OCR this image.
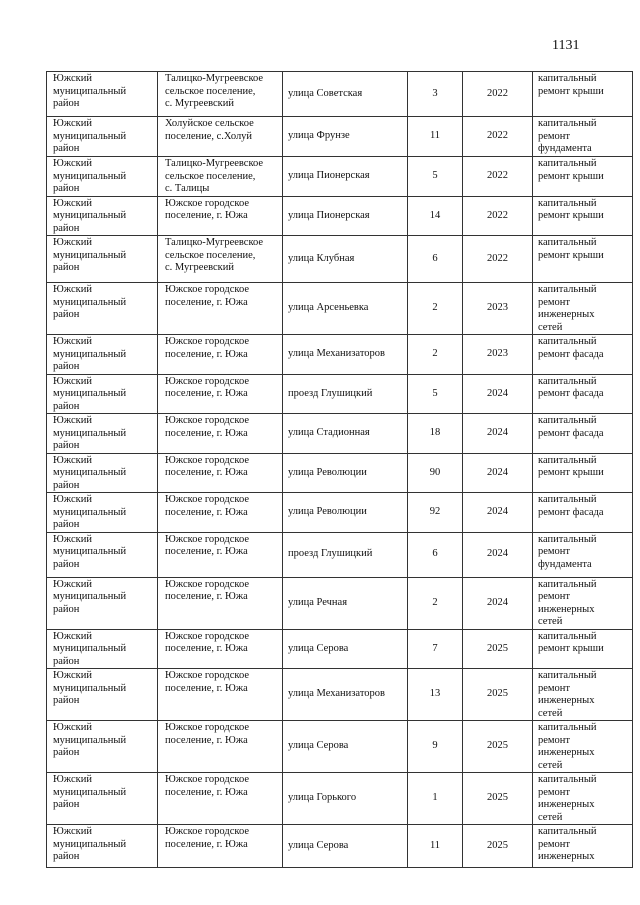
1131
Южский
муниципальный
район	Талицко-Мугреевское
сельское поселение,
с. Мугреевский	улица Советская	3	2022	капитальный
ремонт крыши
Южский
муниципальный
район	Холуйское сельское
поселение, с.Холуй	улица Фрунзе	11	2022	капитальный
ремонт
фундамента
Южский
муниципальный
район	Талицко-Мугреевское
сельское поселение,
с. Талицы	улица Пионерская	5	2022	капитальный
ремонт крыши
Южский
муниципальный
район	Южское городское
поселение, г. Южа	улица Пионерская	14	2022	капитальный
ремонт крыши
Южский
муниципальный
район	Талицко-Мугреевское
сельское поселение,
с. Мугреевский	улица Клубная	6	2022	капитальный
ремонт крыши
Южский
муниципальный
район	Южское городское
поселение, г. Южа	улица Арсеньевка	2	2023	капитальный
ремонт
инженерных
сетей
Южский
муниципальный
район	Южское городское
поселение, г. Южа	улица Механизаторов	2	2023	капитальный
ремонт фасада
Южский
муниципальный
район	Южское городское
поселение, г. Южа	проезд Глушицкий	5	2024	капитальный
ремонт фасада
Южский
муниципальный
район	Южское городское
поселение, г. Южа	улица Стадионная	18	2024	капитальный
ремонт фасада
Южский
муниципальный
район	Южское городское
поселение, г. Южа	улица Революции	90	2024	капитальный
ремонт крыши
Южский
муниципальный
район	Южское городское
поселение, г. Южа	улица Революции	92	2024	капитальный
ремонт фасада
Южский
муниципальный
район	Южское городское
поселение, г. Южа	проезд Глушицкий	6	2024	капитальный
ремонт
фундамента
Южский
муниципальный
район	Южское городское
поселение, г. Южа	улица Речная	2	2024	капитальный
ремонт
инженерных
сетей
Южский
муниципальный
район	Южское городское
поселение, г. Южа	улица Серова	7	2025	капитальный
ремонт крыши
Южский
муниципальный
район	Южское городское
поселение, г. Южа	улица Механизаторов	13	2025	капитальный
ремонт
инженерных
сетей
Южский
муниципальный
район	Южское городское
поселение, г. Южа	улица Серова	9	2025	капитальный
ремонт
инженерных
сетей
Южский
муниципальный
район	Южское городское
поселение, г. Южа	улица Горького	1	2025	капитальный
ремонт
инженерных
сетей
Южский
муниципальный
район	Южское городское
поселение, г. Южа	улица Серова	11	2025	капитальный
ремонт
инженерных
